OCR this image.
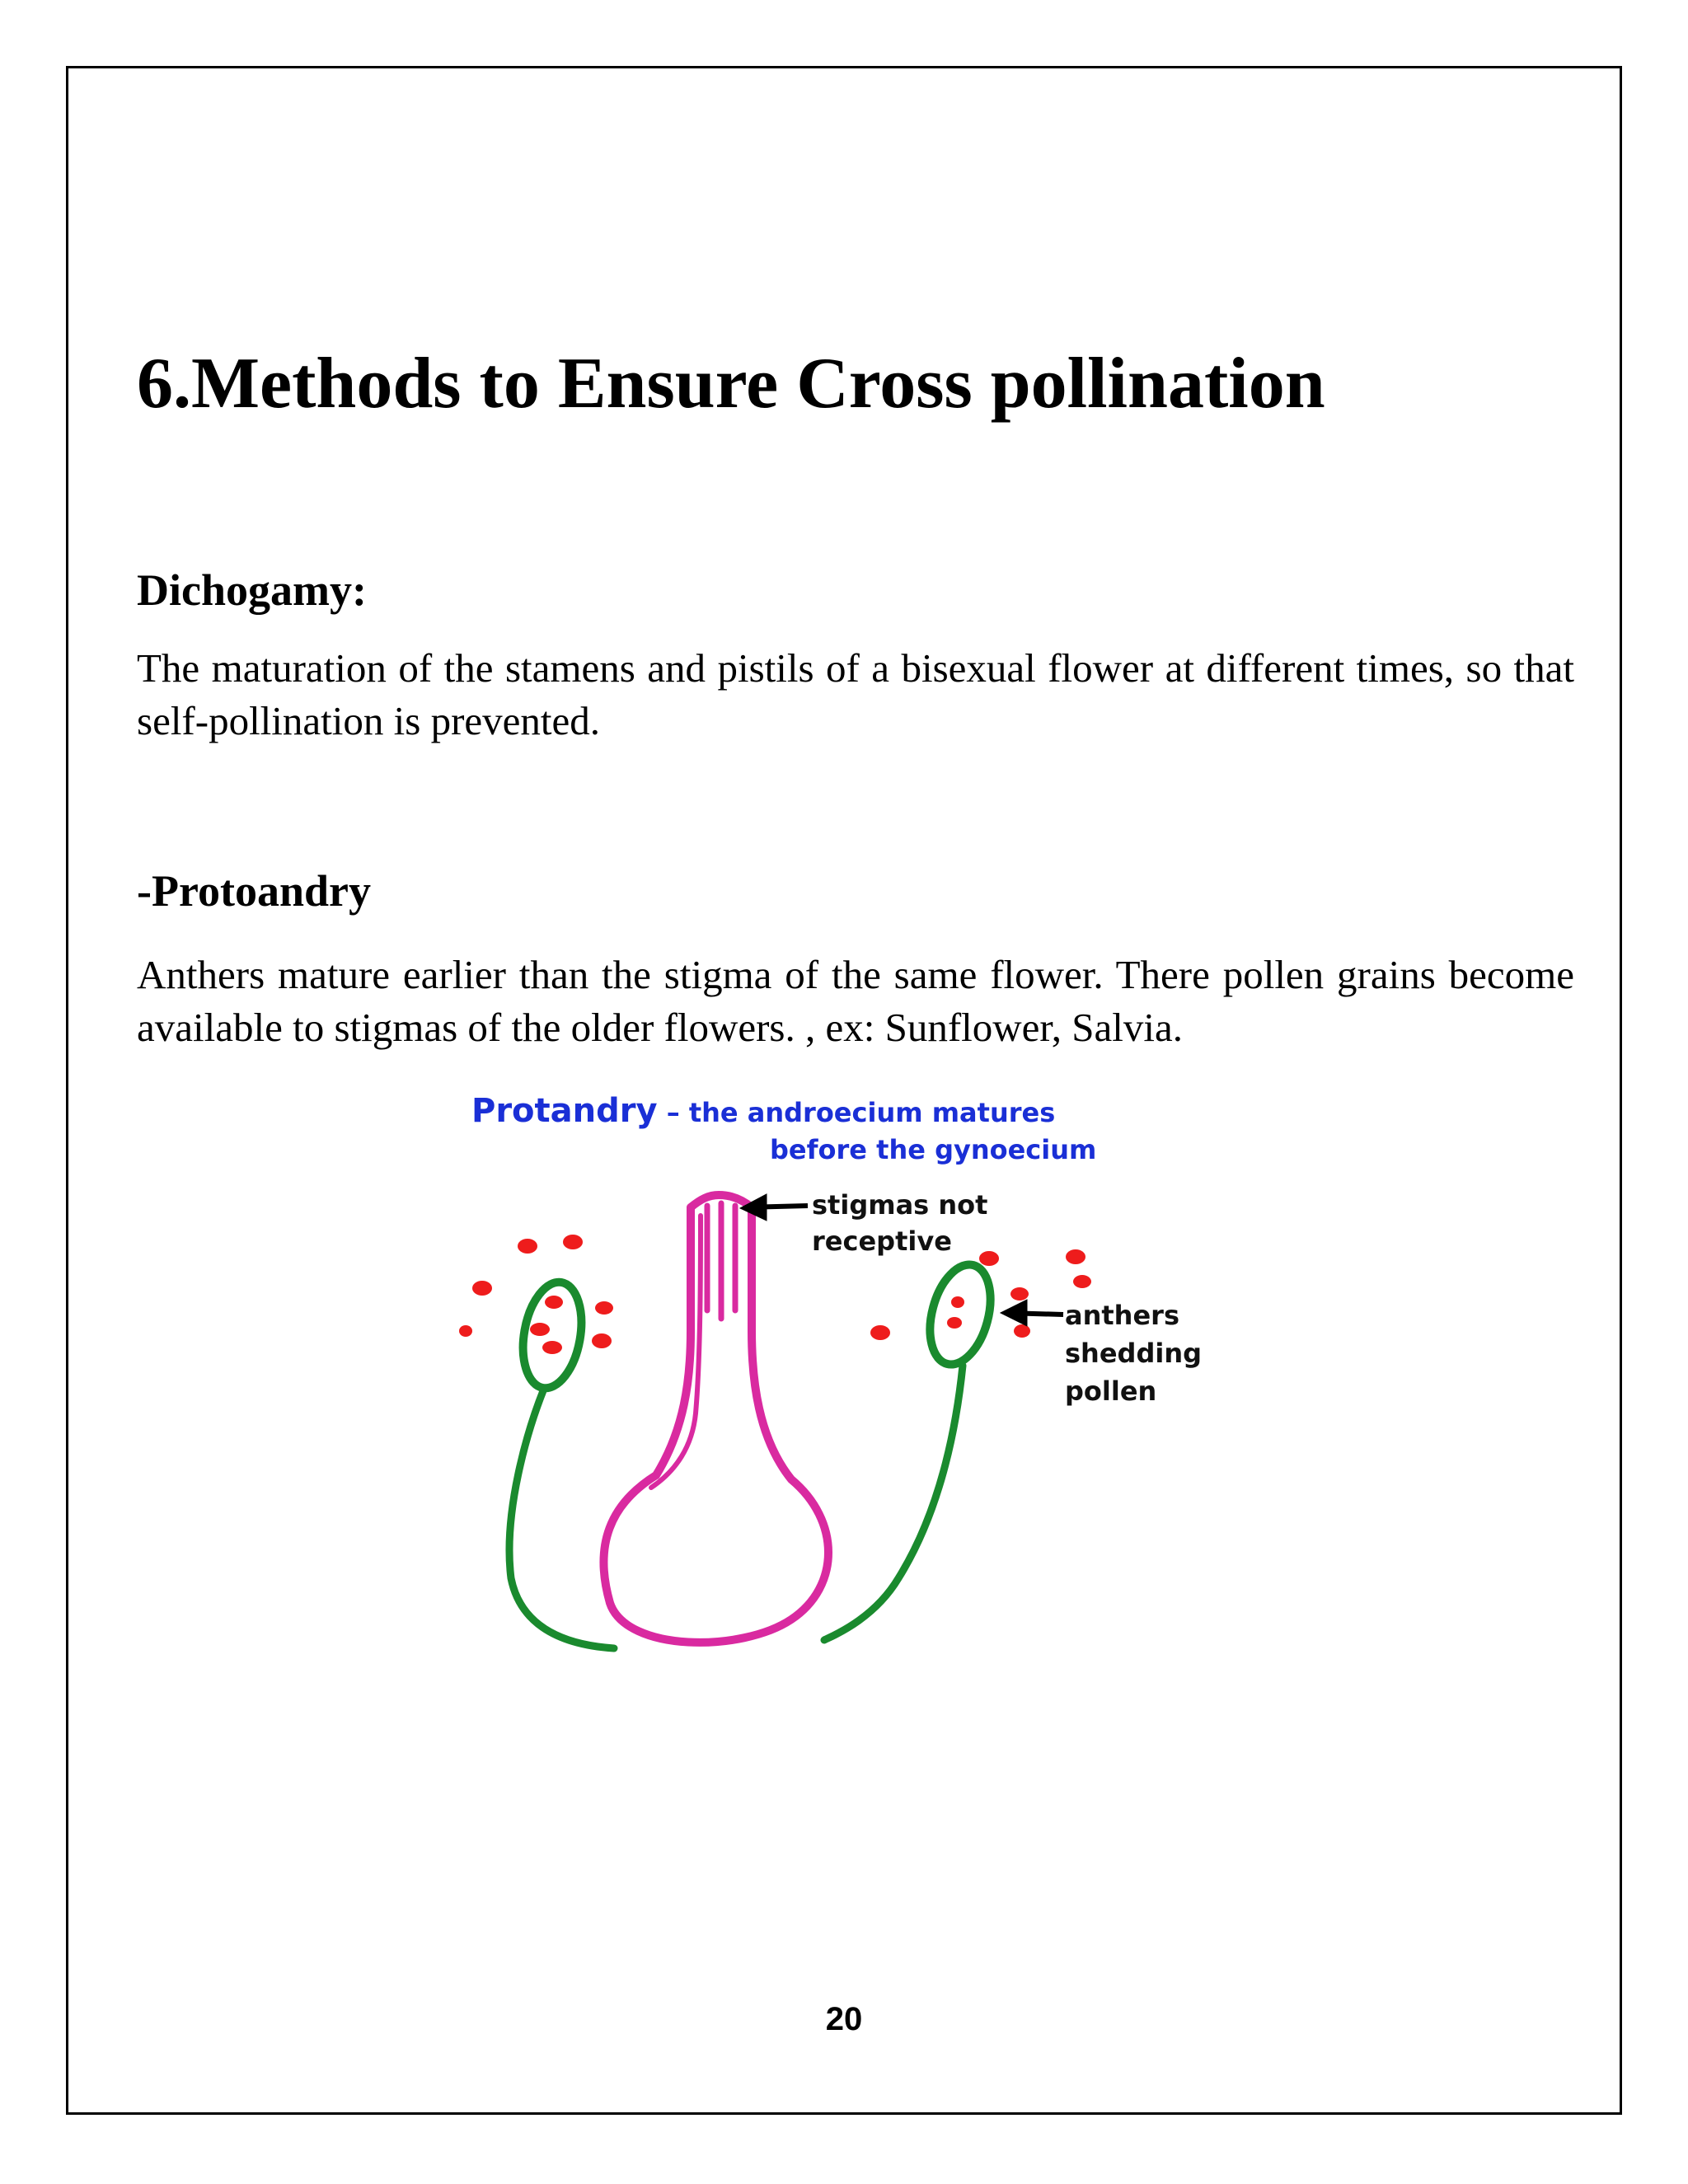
6.Methods to Ensure Cross pollination
Dichogamy:

The maturation of the stamens and pistils of a bisexual flower at different times, so that self-pollination is prevented.

-Protoandry

Anthers mature earlier than the stigma of the same flower. There pollen grains become available to stigmas of the older flowers. , ex: Sunflower, Salvia.

Protandry – the androecium matures
before the gynoecium
stigmas not
receptive
anthers
shedding
pollen
20
